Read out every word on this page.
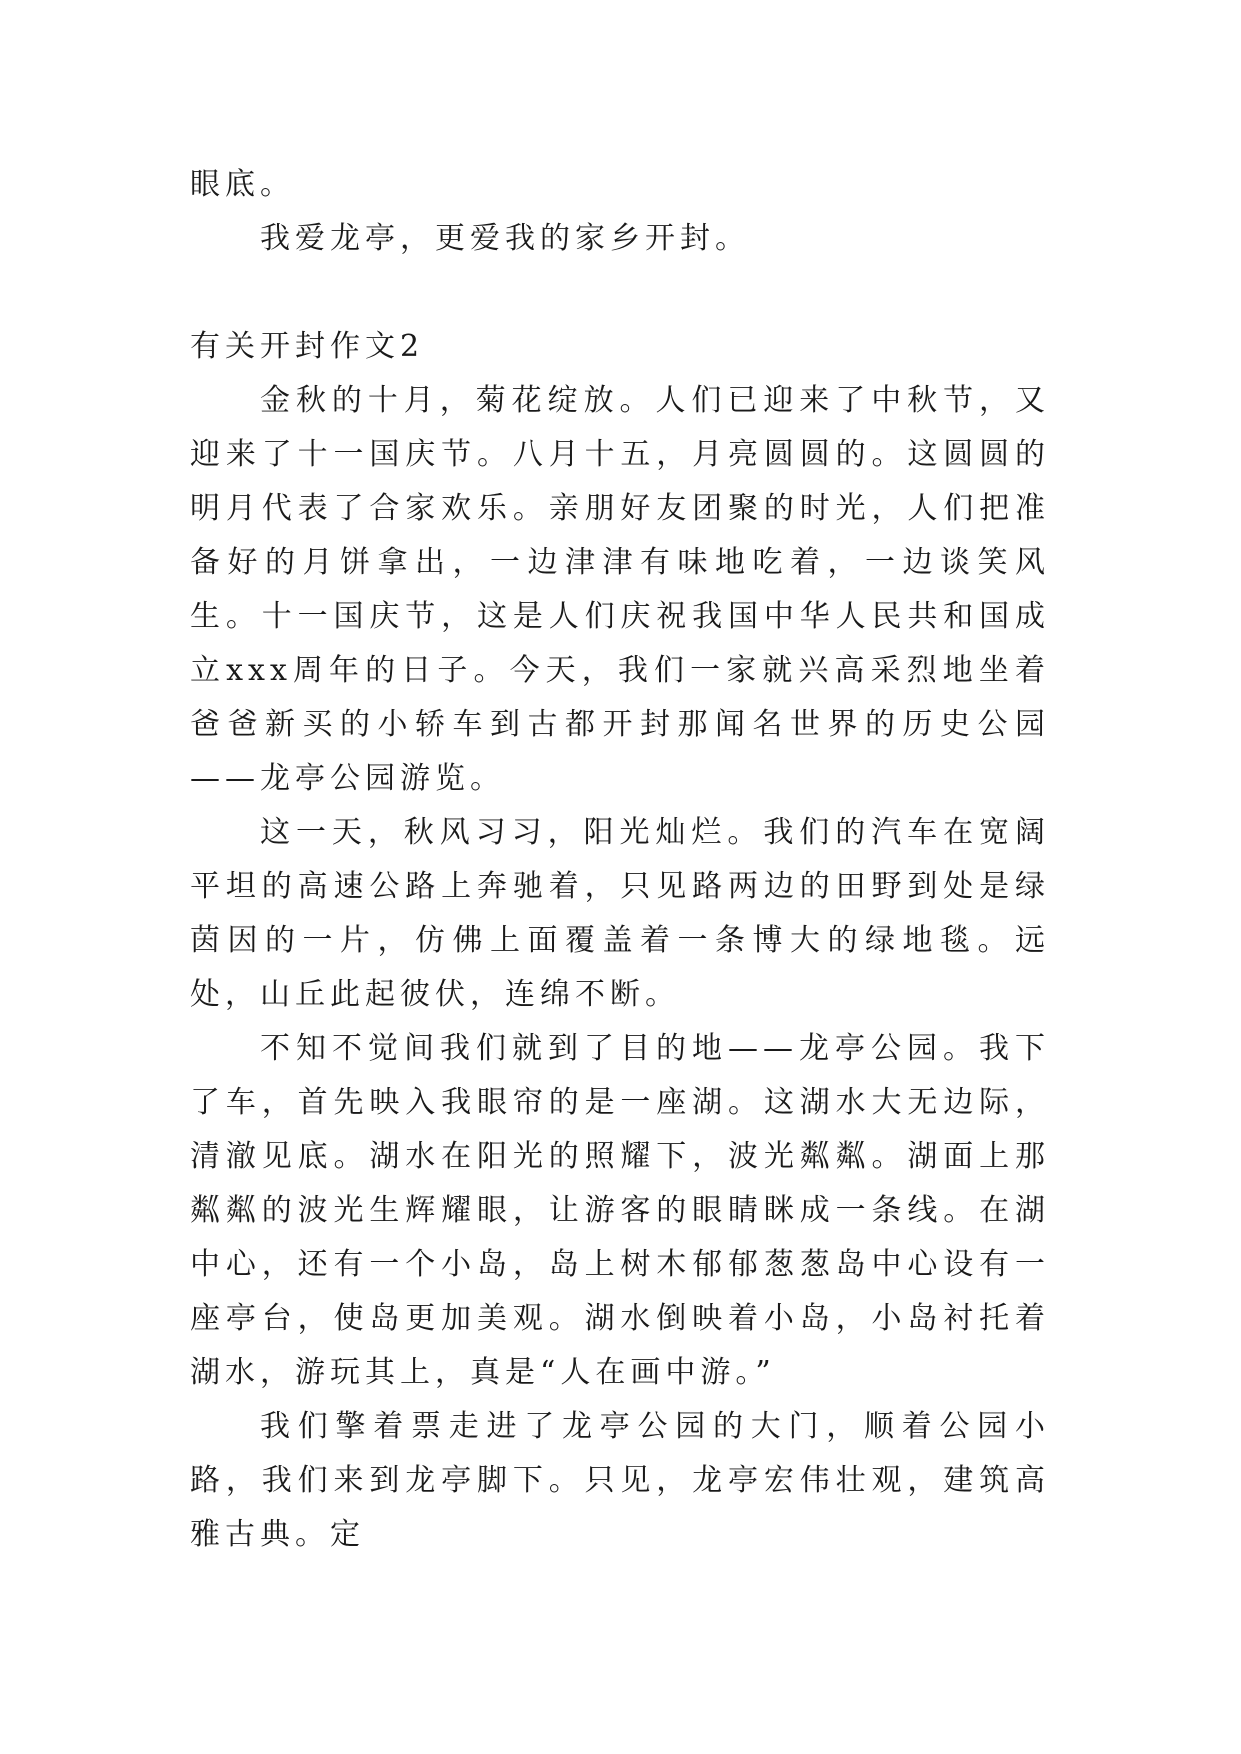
眼底。

我爱龙亭，更爱我的家乡开封。

有关开封作文2

金秋的十月，菊花绽放。人们已迎来了中秋节，又迎来了十一国庆节。八月十五，月亮圆圆的。这圆圆的明月代表了合家欢乐。亲朋好友团聚的时光，人们把准备好的月饼拿出，一边津津有味地吃着，一边谈笑风生。十一国庆节，这是人们庆祝我国中华人民共和国成立xxx周年的日子。今天，我们一家就兴高采烈地坐着爸爸新买的小轿车到古都开封那闻名世界的历史公园——龙亭公园游览。

这一天，秋风习习，阳光灿烂。我们的汽车在宽阔平坦的高速公路上奔驰着，只见路两边的田野到处是绿茵因的一片，仿佛上面覆盖着一条博大的绿地毯。远处，山丘此起彼伏，连绵不断。

不知不觉间我们就到了目的地——龙亭公园。我下了车，首先映入我眼帘的是一座湖。这湖水大无边际，清澈见底。湖水在阳光的照耀下，波光粼粼。湖面上那粼粼的波光生辉耀眼，让游客的眼睛眯成一条线。在湖中心，还有一个小岛，岛上树木郁郁葱葱岛中心设有一座亭台，使岛更加美观。湖水倒映着小岛，小岛衬托着湖水，游玩其上，真是“人在画中游。”

我们擎着票走进了龙亭公园的大门，顺着公园小路，我们来到龙亭脚下。只见，龙亭宏伟壮观，建筑高雅古典。定
